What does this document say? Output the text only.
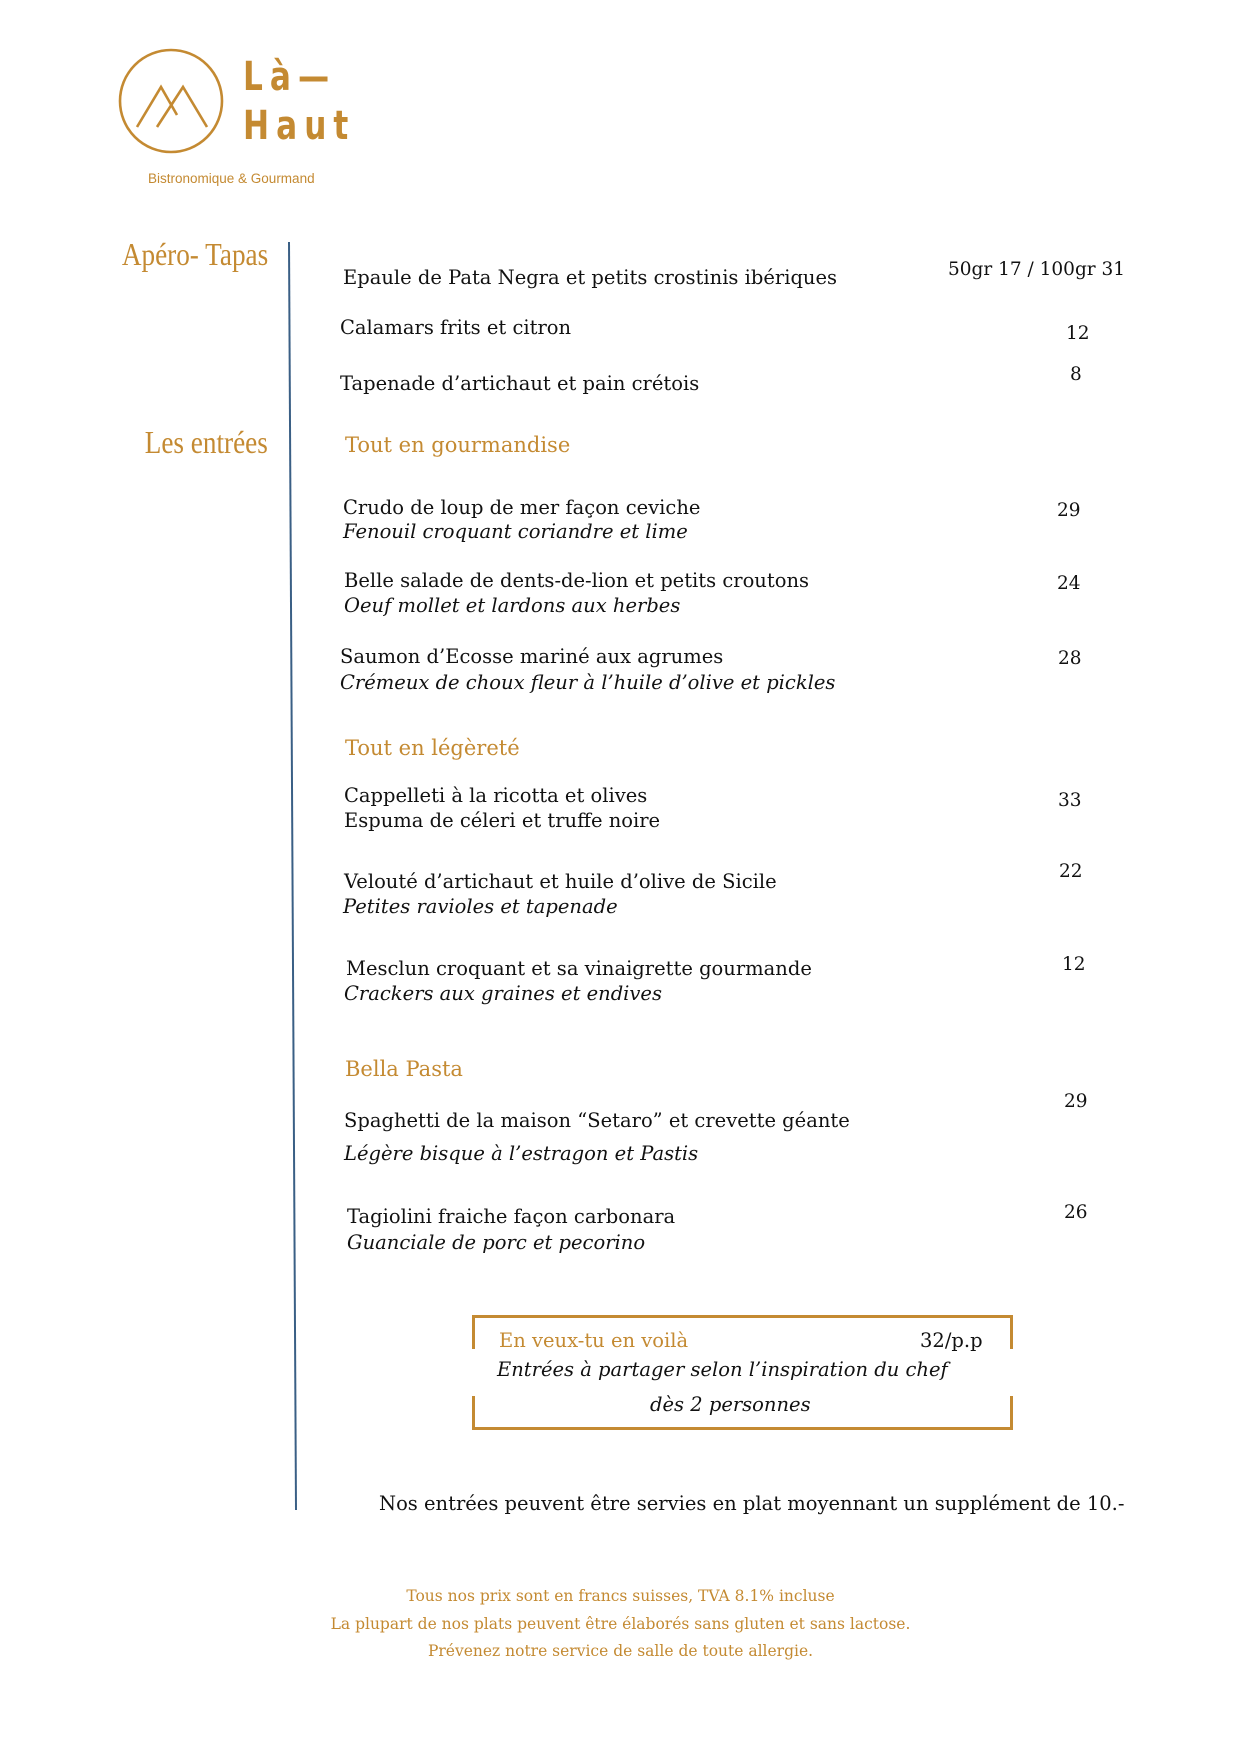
Là—
Haut
Bistronomique & Gourmand
Apéro- Tapas
Les entrées
Epaule de Pata Negra et petits crostinis ibériques	50gr 17 / 100gr 31
Calamars frits et citron	12
Tapenade d’artichaut et pain crétois	8
Tout en gourmandise
Crudo de loup de mer façon ceviche
Fenouil croquant coriandre et lime
29
Belle salade de dents-de-lion et petits croutons
Oeuf mollet et lardons aux herbes
24
Saumon d’Ecosse mariné aux agrumes
Crémeux de choux fleur à l’huile d’olive et pickles
28
Tout en légèreté
Cappelleti à la ricotta et olives
Espuma de céleri et truffe noire
33
Velouté d’artichaut et huile d’olive de Sicile
Petites ravioles et tapenade
22
Mesclun croquant et sa vinaigrette gourmande
Crackers aux graines et endives
12
Bella Pasta
Spaghetti de la maison “Setaro” et crevette géante
Légère bisque à l’estragon et Pastis
29
Tagiolini fraiche façon carbonara
Guanciale de porc et pecorino
26
En veux-tu en voilà	32/p.p
Entrées à partager selon l’inspiration du chef
dès 2 personnes
Nos entrées peuvent être servies en plat moyennant un supplément de 10.-
Tous nos prix sont en francs suisses, TVA 8.1% incluse
La plupart de nos plats peuvent être élaborés sans gluten et sans lactose.
Prévenez notre service de salle de toute allergie.
